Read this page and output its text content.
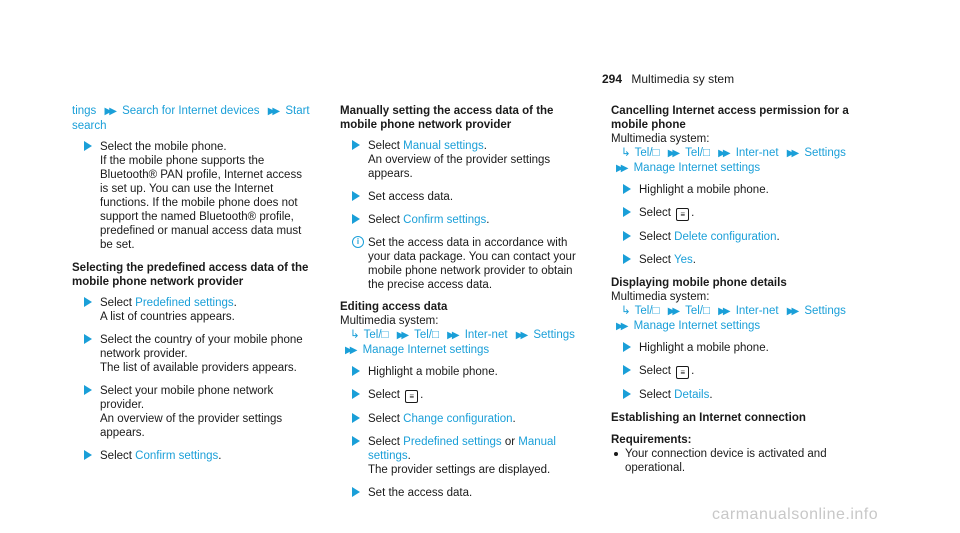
294 Multimedia sy stem
tings ▶▶ Search for Internet devices ▶▶ Start search
Select the mobile phone.
If the mobile phone supports the Bluetooth® PAN profile, Internet access is set up. You can use the Internet functions. If the mobile phone does not support the named Bluetooth® profile, predefined or manual access data must be set.
Selecting the predefined access data of the mobile phone network provider
Select Predefined settings.
A list of countries appears.
Select the country of your mobile phone network provider.
The list of available providers appears.
Select your mobile phone network provider.
An overview of the provider settings appears.
Select Confirm settings.
Manually setting the access data of the mobile phone network provider
Select Manual settings.
An overview of the provider settings appears.
Set access data.
Select Confirm settings.
i Set the access data in accordance with your data package. You can contact your mobile phone network provider to obtain the precise access data.
Editing access data
Multimedia system:
↳ Tel/□ ▶▶ Tel/□ ▶▶ Inter-net ▶▶ Settings ▶▶ Manage Internet settings
Highlight a mobile phone.
Select ≡ .
Select Change configuration.
Select Predefined settings or Manual settings.
The provider settings are displayed.
Set the access data.
Cancelling Internet access permission for a mobile phone
Multimedia system:
↳ Tel/□ ▶▶ Tel/□ ▶▶ Inter-net ▶▶ Settings ▶▶ Manage Internet settings
Highlight a mobile phone.
Select ≡ .
Select Delete configuration.
Select Yes.
Displaying mobile phone details
Multimedia system:
↳ Tel/□ ▶▶ Tel/□ ▶▶ Inter-net ▶▶ Settings ▶▶ Manage Internet settings
Highlight a mobile phone.
Select ≡ .
Select Details.
Establishing an Internet connection
Requirements:
Your connection device is activated and operational.
carmanualsonline.info
